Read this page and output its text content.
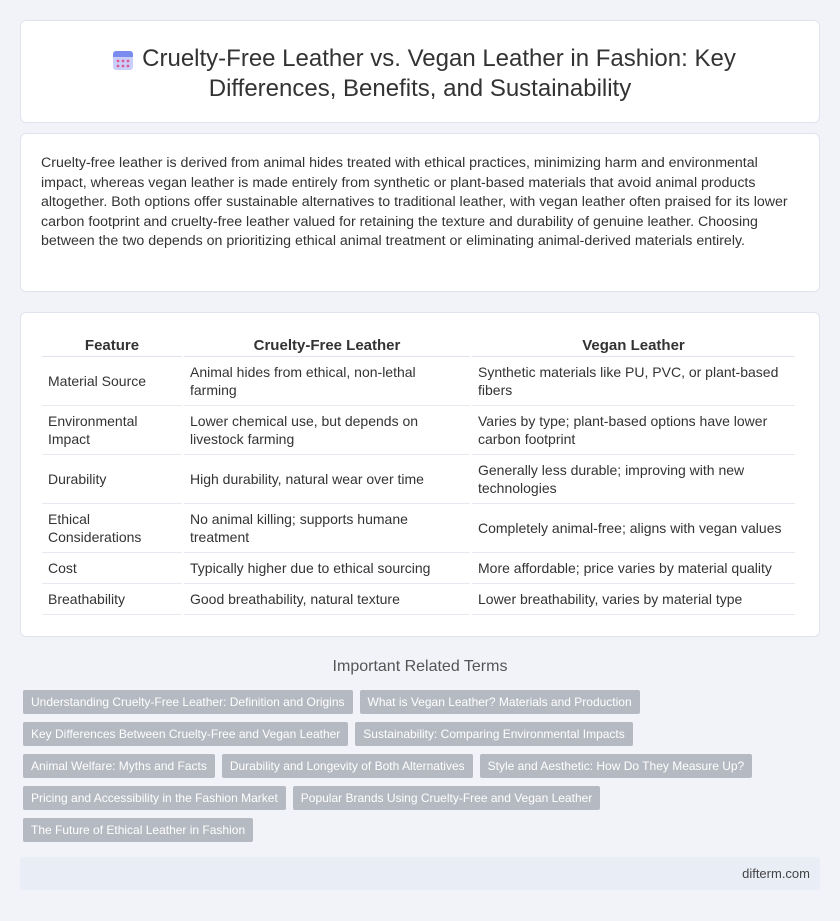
Cruelty-Free Leather vs. Vegan Leather in Fashion: Key Differences, Benefits, and Sustainability

Cruelty-free leather is derived from animal hides treated with ethical practices, minimizing harm and environmental impact, whereas vegan leather is made entirely from synthetic or plant-based materials that avoid animal products altogether. Both options offer sustainable alternatives to traditional leather, with vegan leather often praised for its lower carbon footprint and cruelty-free leather valued for retaining the texture and durability of genuine leather. Choosing between the two depends on prioritizing ethical animal treatment or eliminating animal-derived materials entirely.

Feature	Cruelty-Free Leather	Vegan Leather
Material Source	Animal hides from ethical, non-lethal farming	Synthetic materials like PU, PVC, or plant-based fibers
Environmental Impact	Lower chemical use, but depends on livestock farming	Varies by type; plant-based options have lower carbon footprint
Durability	High durability, natural wear over time	Generally less durable; improving with new technologies
Ethical Considerations	No animal killing; supports humane treatment	Completely animal-free; aligns with vegan values
Cost	Typically higher due to ethical sourcing	More affordable; price varies by material quality
Breathability	Good breathability, natural texture	Lower breathability, varies by material type
Important Related Terms
Understanding Cruelty-Free Leather: Definition and Origins	What is Vegan Leather? Materials and Production
Key Differences Between Cruelty-Free and Vegan Leather	Sustainability: Comparing Environmental Impacts
Animal Welfare: Myths and Facts	Durability and Longevity of Both Alternatives	Style and Aesthetic: How Do They Measure Up?
Pricing and Accessibility in the Fashion Market	Popular Brands Using Cruelty-Free and Vegan Leather
The Future of Ethical Leather in Fashion
difterm.com
